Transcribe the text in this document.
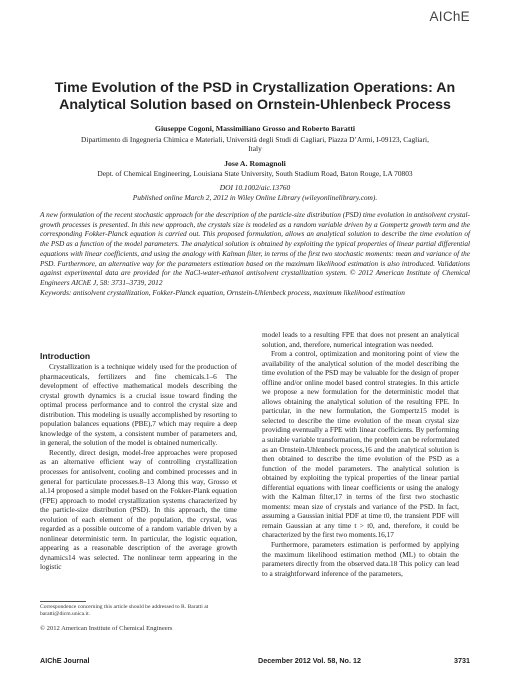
AIChE
Time Evolution of the PSD in Crystallization Operations: An
Analytical Solution based on Ornstein-Uhlenbeck Process
Giuseppe Cogoni, Massimiliano Grosso and Roberto Baratti
Dipartimento di Ingegneria Chimica e Materiali, Università degli Studi di Cagliari, Piazza D’Armi, I-09123, Cagliari,
Italy
Jose A. Romagnoli
Dept. of Chemical Engineering, Louisiana State University, South Stadium Road, Baton Rouge, LA 70803
DOI 10.1002/aic.13760
Published online March 2, 2012 in Wiley Online Library (wileyonlinelibrary.com).

A new formulation of the recent stochastic approach for the description of the particle-size distribution (PSD) time evolution in antisolvent crystal-growth processes is presented. In this new approach, the crystals size is modeled as a random variable driven by a Gompertz growth term and the corresponding Fokker-Planck equation is carried out. This proposed formulation, allows an analytical solution to describe the time evolution of the PSD as a function of the model parameters. The analytical solution is obtained by exploiting the typical properties of linear partial differential equations with linear coefficients, and using the analogy with Kalman filter, in terms of the first two stochastic moments: mean and variance of the PSD. Furthermore, an alternative way for the parameters estimation based on the maximum likelihood estimation is also introduced. Validations against experimental data are provided for the NaCl-water-ethanol antisolvent crystallization system. © 2012 American Institute of Chemical Engineers AIChE J, 58: 3731–3739, 2012

Keywords: antisolvent crystallization, Fokker-Planck equation, Ornstein-Uhlenbeck process, maximum likelihood estimation

Introduction

Crystallization is a technique widely used for the production of pharmaceuticals, fertilizers and fine chemicals.1–6 The development of effective mathematical models describing the crystal growth dynamics is a crucial issue toward finding the optimal process performance and to control the crystal size and distribution. This modeling is usually accomplished by resorting to population balances equations (PBE),7 which may require a deep knowledge of the system, a consistent number of parameters and, in general, the solution of the model is obtained numerically.

Recently, direct design, model-free approaches were proposed as an alternative efficient way of controlling crystallization processes for antisolvent, cooling and combined processes and in general for particulate processes.8–13 Along this way, Grosso et al.14 proposed a simple model based on the Fokker-Plank equation (FPE) approach to model crystallization systems characterized by the particle-size distribution (PSD). In this approach, the time evolution of each element of the population, the crystal, was regarded as a possible outcome of a random variable driven by a nonlinear deterministic term. In particular, the logistic equation, appearing as a reasonable description of the average growth dynamics14 was selected. The nonlinear term appearing in the logistic

model leads to a resulting FPE that does not present an analytical solution, and, therefore, numerical integration was needed.

From a control, optimization and monitoring point of view the availability of the analytical solution of the model describing the time evolution of the PSD may be valuable for the design of proper offline and/or online model based control strategies. In this article we propose a new formulation for the deterministic model that allows obtaining the analytical solution of the resulting FPE. In particular, in the new formulation, the Gompertz15 model is selected to describe the time evolution of the mean crystal size providing eventually a FPE with linear coefficients. By performing a suitable variable transformation, the problem can be reformulated as an Ornstein-Uhlenbeck process,16 and the analytical solution is then obtained to describe the time evolution of the PSD as a function of the model parameters. The analytical solution is obtained by exploiting the typical properties of the linear partial differential equations with linear coefficients or using the analogy with the Kalman filter,17 in terms of the first two stochastic moments: mean size of crystals and variance of the PSD. In fact, assuming a Gaussian initial PDF at time t0, the transient PDF will remain Gaussian at any time t > t0, and, therefore, it could be characterized by the first two moments.16,17

Furthermore, parameters estimation is performed by applying the maximum likelihood estimation method (ML) to obtain the parameters directly from the observed data.18 This policy can lead to a straightforward inference of the parameters,

Correspondence concerning this article should be addressed to R. Baratti at baratti@dicm.unica.it.
© 2012 American Institute of Chemical Engineers
AIChE Journal	December 2012 Vol. 58, No. 12	3731
